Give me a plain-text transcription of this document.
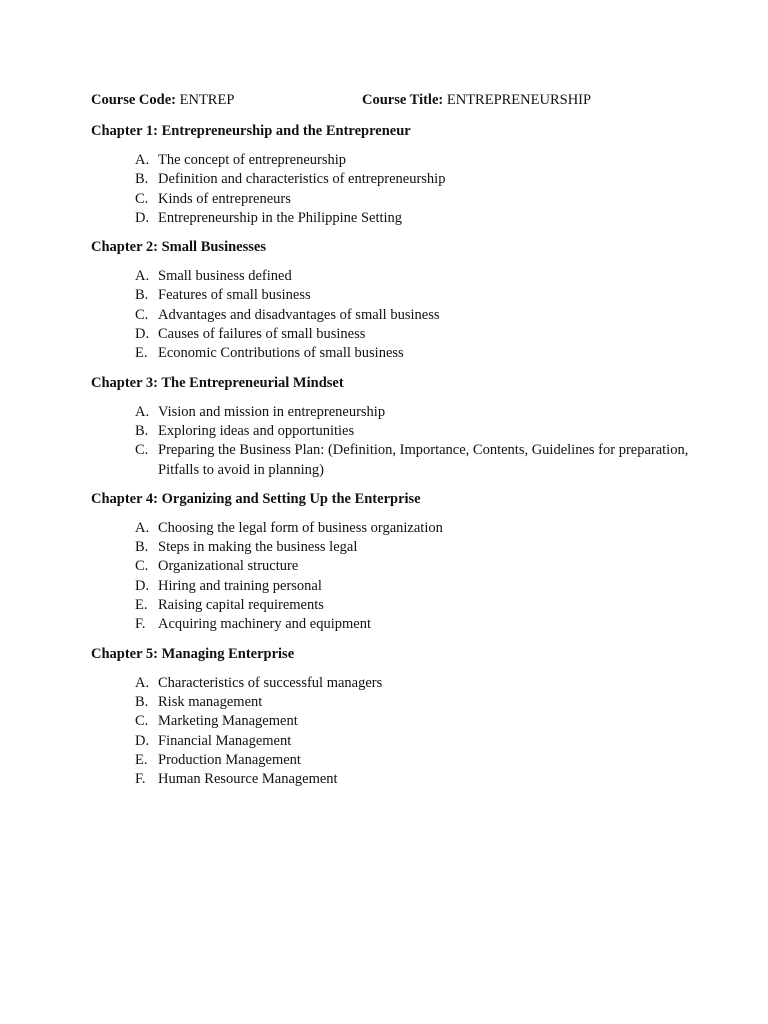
Course Code: ENTREP	Course Title: ENTREPRENEURSHIP
Chapter 1: Entrepreneurship and the Entrepreneur
A. The concept of entrepreneurship
B. Definition and characteristics of entrepreneurship
C. Kinds of entrepreneurs
D. Entrepreneurship in the Philippine Setting
Chapter 2: Small Businesses
A. Small business defined
B. Features of small business
C. Advantages and disadvantages of small business
D. Causes of failures of small business
E. Economic Contributions of small business
Chapter 3: The Entrepreneurial Mindset
A. Vision and mission in entrepreneurship
B. Exploring ideas and opportunities
C. Preparing the Business Plan: (Definition, Importance, Contents, Guidelines for preparation, Pitfalls to avoid in planning)
Chapter 4: Organizing and Setting Up the Enterprise
A. Choosing the legal form of business organization
B. Steps in making the business legal
C. Organizational structure
D. Hiring and training personal
E. Raising capital requirements
F. Acquiring machinery and equipment
Chapter 5: Managing Enterprise
A. Characteristics of successful managers
B. Risk management
C. Marketing Management
D. Financial Management
E. Production Management
F. Human Resource Management
